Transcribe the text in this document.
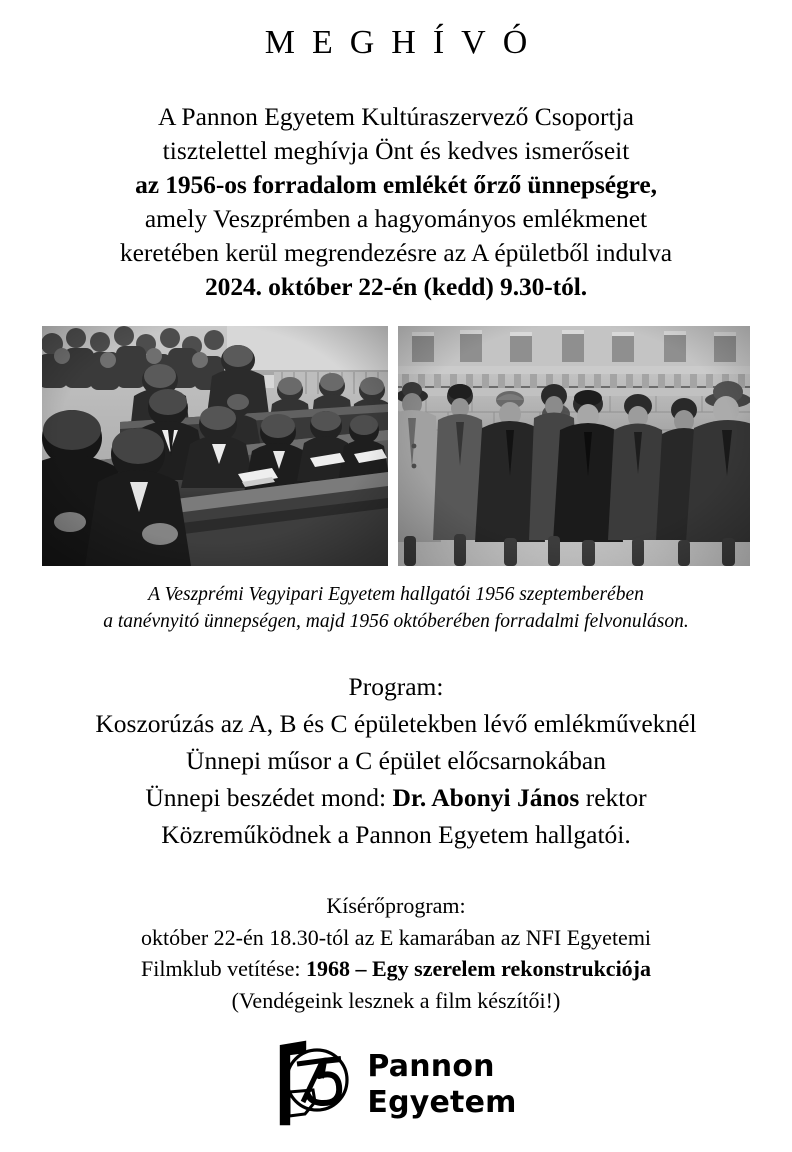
MEGHÍVÓ
A Pannon Egyetem Kultúraszervező Csoportja
tisztelettel meghívja Önt és kedves ismerőseit
az 1956-os forradalom emlékét őrző ünnepségre,
amely Veszprémben a hagyományos emlékmenet
keretében kerül megrendezésre az A épületből indulva
2024. október 22-én (kedd) 9.30-tól.
A Veszprémi Vegyipari Egyetem hallgatói 1956 szeptemberében
a tanévnyitó ünnepségen, majd 1956 októberében forradalmi felvonuláson.
Program:
Koszorúzás az A, B és C épületekben lévő emlékműveknél
Ünnepi műsor a C épület előcsarnokában
Ünnepi beszédet mond: Dr. Abonyi János rektor
Közreműködnek a Pannon Egyetem hallgatói.
Kísérőprogram:
október 22-én 18.30-tól az E kamarában az NFI Egyetemi
Filmklub vetítése: 1968 – Egy szerelem rekonstrukciója
(Vendégeink lesznek a film készítői!)
Pannon
Egyetem
